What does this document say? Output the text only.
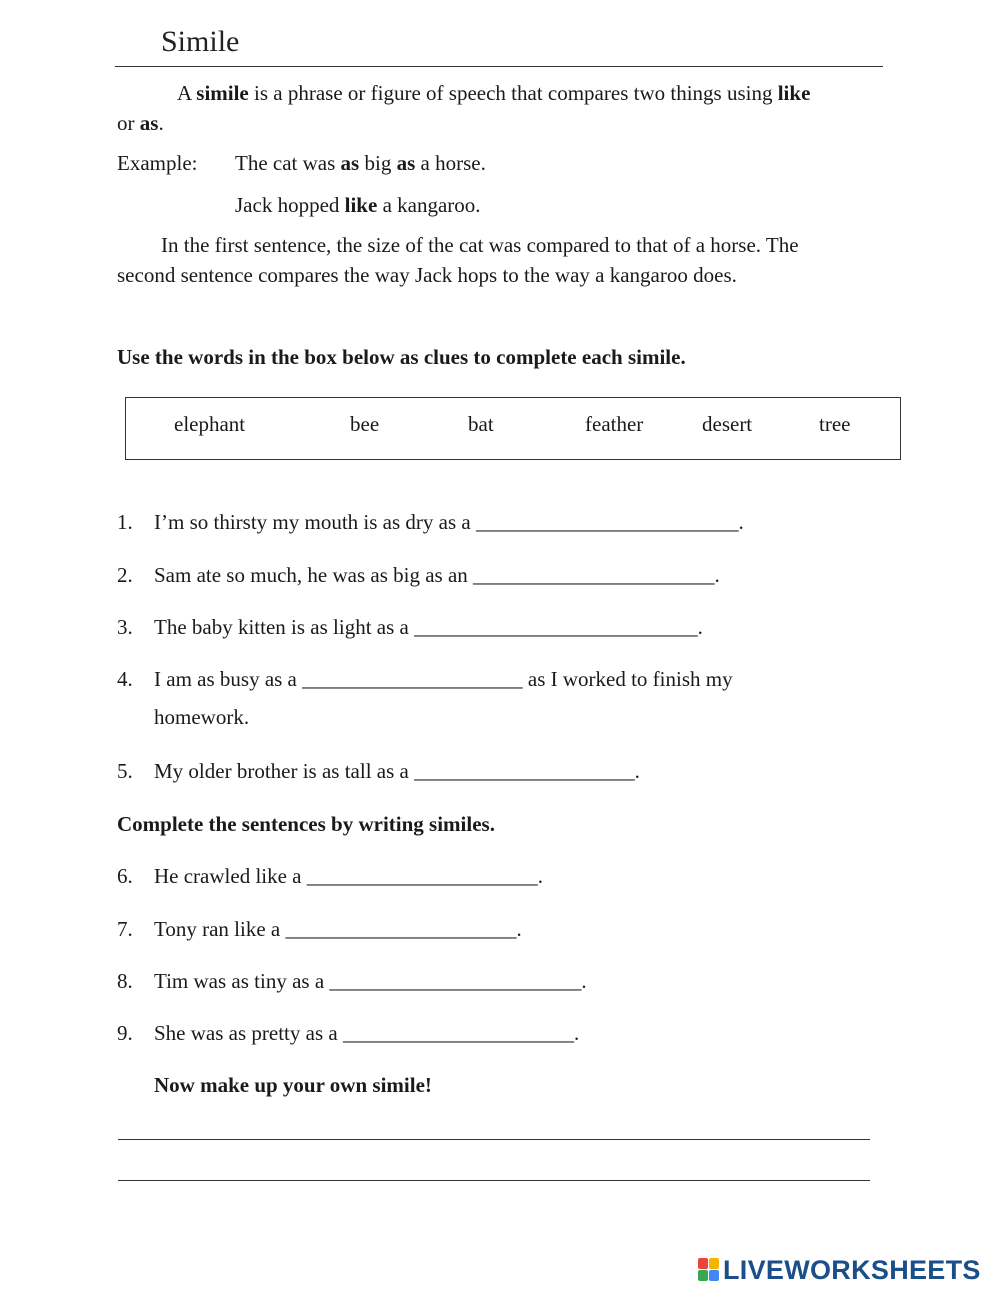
Simile
A simile is a phrase or figure of speech that compares two things using like
or as.
Example: The cat was as big as a horse.
Jack hopped like a kangaroo.
In the first sentence, the size of the cat was compared to that of a horse. The
second sentence compares the way Jack hops to the way a kangaroo does.
Use the words in the box below as clues to complete each simile.
elephant	bee	bat	feather	desert	tree
1. I’m so thirsty my mouth is as dry as a _________________________.
2. Sam ate so much, he was as big as an _______________________.
3. The baby kitten is as light as a ___________________________.
4. I am as busy as a _____________________ as I worked to finish my
homework.
5. My older brother is as tall as a _____________________.
Complete the sentences by writing similes.
6. He crawled like a ______________________.
7. Tony ran like a ______________________.
8. Tim was as tiny as a ________________________.
9. She was as pretty as a ______________________.
Now make up your own simile!
LIVEWORKSHEETS
